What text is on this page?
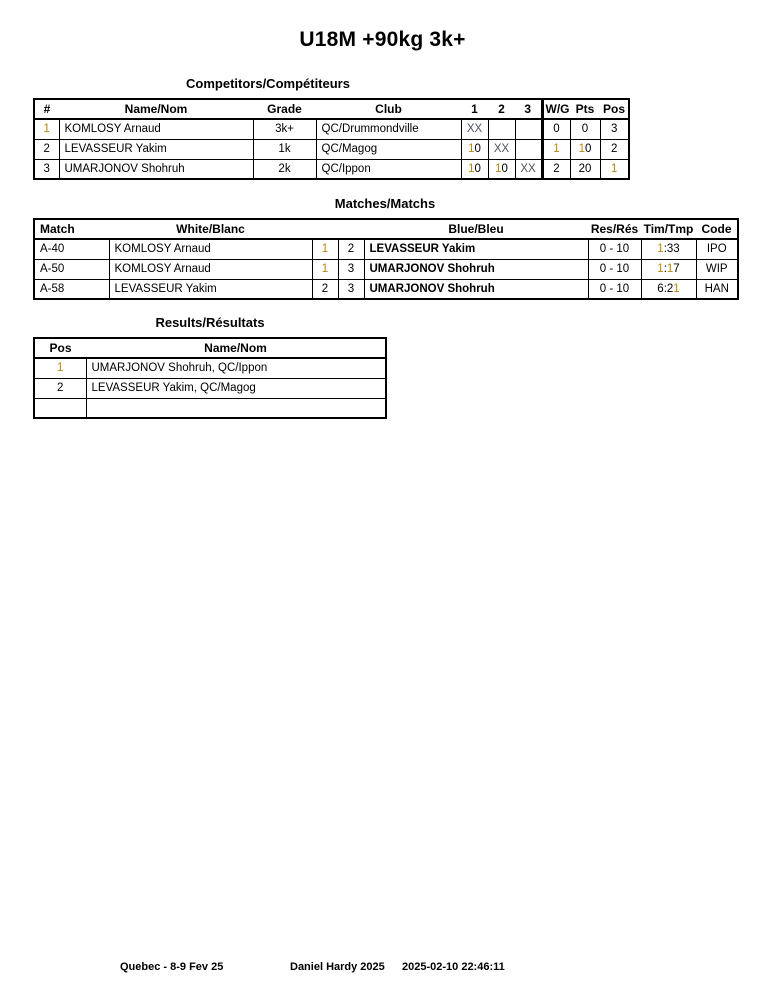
U18M +90kg 3k+
Competitors/Compétiteurs
#	Name/Nom	Grade	Club	1	2	3	W/G	Pts	Pos
1	KOMLOSY Arnaud	3k+	QC/Drummondville	XX			0	0	3
2	LEVASSEUR Yakim	1k	QC/Magog	10	XX		1	10	2
3	UMARJONOV Shohruh	2k	QC/Ippon	10	10	XX	2	20	1
Matches/Matchs
Match	White/Blanc			Blue/Bleu	Res/Rés	Tim/Tmp	Code
A-40	KOMLOSY Arnaud	1	2	LEVASSEUR Yakim	0 - 10	1:33	IPO
A-50	KOMLOSY Arnaud	1	3	UMARJONOV Shohruh	0 - 10	1:17	WIP
A-58	LEVASSEUR Yakim	2	3	UMARJONOV Shohruh	0 - 10	6:21	HAN
Results/Résultats
Pos	Name/Nom
1	UMARJONOV Shohruh, QC/Ippon
2	LEVASSEUR Yakim, QC/Magog

Quebec - 8-9 Fev 25	Daniel Hardy 2025 2025-02-10 22:46:11
